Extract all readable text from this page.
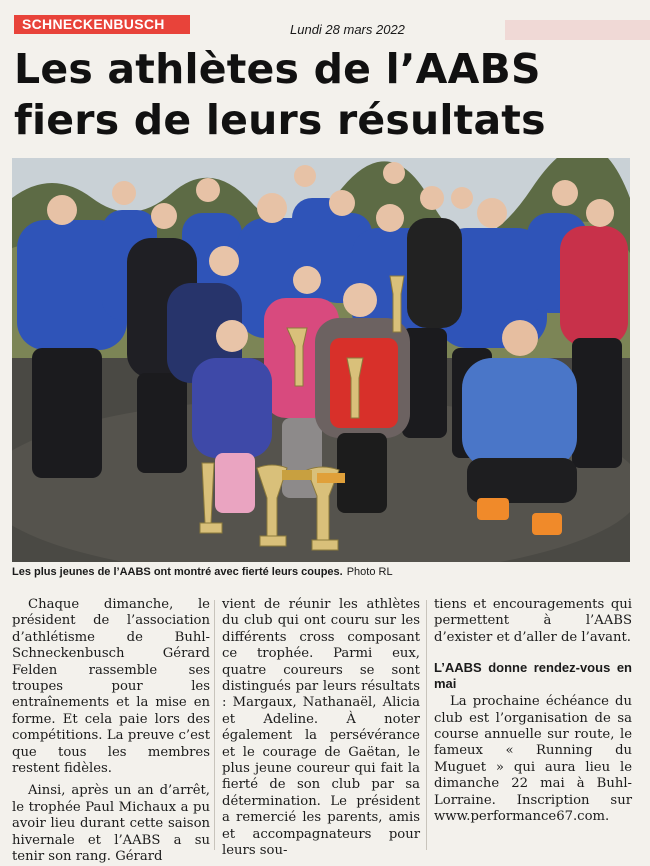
SCHNECKENBUSCH	Lundi 28 mars 2022
Les athlètes de l’AABS
fiers de leurs résultats
Les plus jeunes de l’AABS ont montré avec fierté leurs coupes. Photo RL

Chaque dimanche, le président de l’association d’athlétisme de Buhl-Schneckenbusch Gérard Felden rassemble ses troupes pour les entraînements et la mise en forme. Et cela paie lors des compétitions. La preuve c’est que tous les membres restent fidèles.

Ainsi, après un an d’arrêt, le trophée Paul Michaux a pu avoir lieu durant cette saison hivernale et l’AABS a su tenir son rang. Gérard

vient de réunir les athlètes du club qui ont couru sur les différents cross composant ce trophée. Parmi eux, quatre coureurs se sont distingués par leurs résultats : Margaux, Nathanaël, Alicia et Adeline. À noter également la persévérance et le courage de Gaëtan, le plus jeune coureur qui fait la fierté de son club par sa détermination. Le président a remercié les parents, amis et accompagnateurs pour leurs sou-

tiens et encouragements qui permettent à l’AABS d’exister et d’aller de l’avant.

L’AABS donne rendez-vous en mai

La prochaine échéance du club est l’organisation de sa course annuelle sur route, le fameux « Running du Muguet » qui aura lieu le dimanche 22 mai à Buhl-Lorraine. Inscription sur www.performance67.com.
